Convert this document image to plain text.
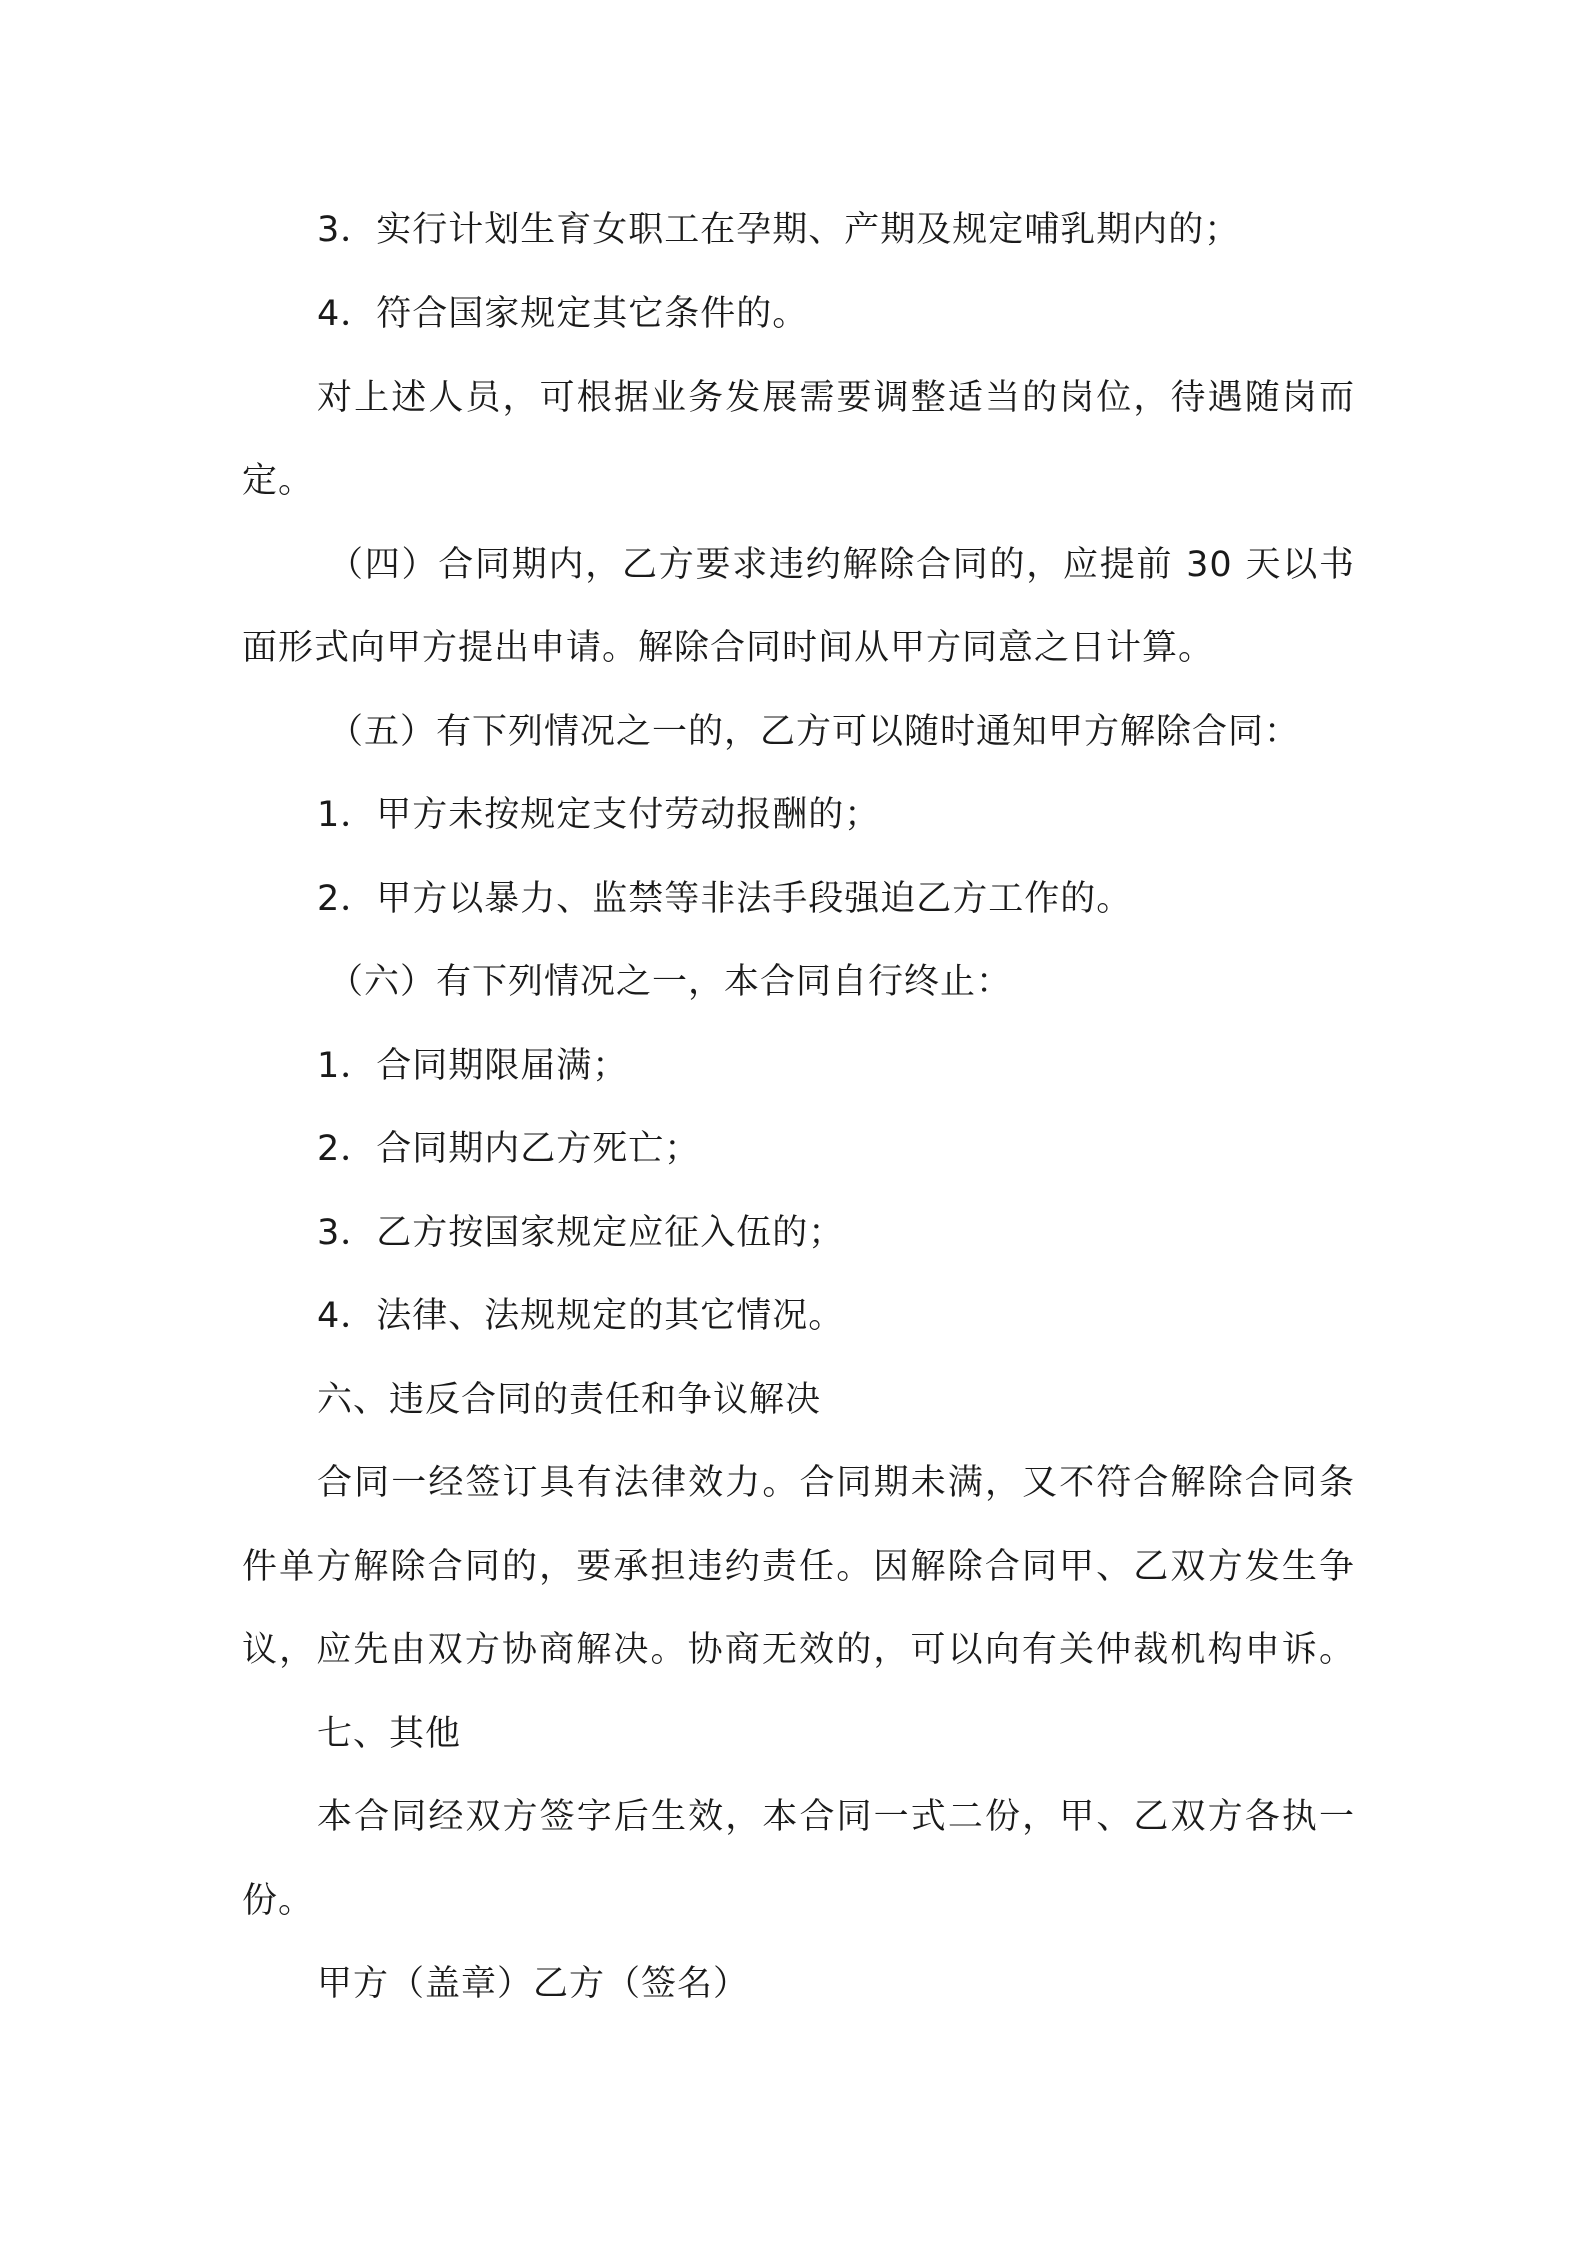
3．实行计划生育女职工在孕期、产期及规定哺乳期内的；
4．符合国家规定其它条件的。
对上述人员，可根据业务发展需要调整适当的岗位，待遇随岗而
定。
（四）合同期内，乙方要求违约解除合同的，应提前 30 天以书
面形式向甲方提出申请。解除合同时间从甲方同意之日计算。
（五）有下列情况之一的，乙方可以随时通知甲方解除合同：
1．甲方未按规定支付劳动报酬的；
2．甲方以暴力、监禁等非法手段强迫乙方工作的。
（六）有下列情况之一，本合同自行终止：
1．合同期限届满；
2．合同期内乙方死亡；
3．乙方按国家规定应征入伍的；
4．法律、法规规定的其它情况。
六、违反合同的责任和争议解决
合同一经签订具有法律效力。合同期未满，又不符合解除合同条
件单方解除合同的，要承担违约责任。因解除合同甲、乙双方发生争
议，应先由双方协商解决。协商无效的，可以向有关仲裁机构申诉。
七、其他
本合同经双方签字后生效，本合同一式二份，甲、乙双方各执一
份。
甲方（盖章）乙方（签名）
